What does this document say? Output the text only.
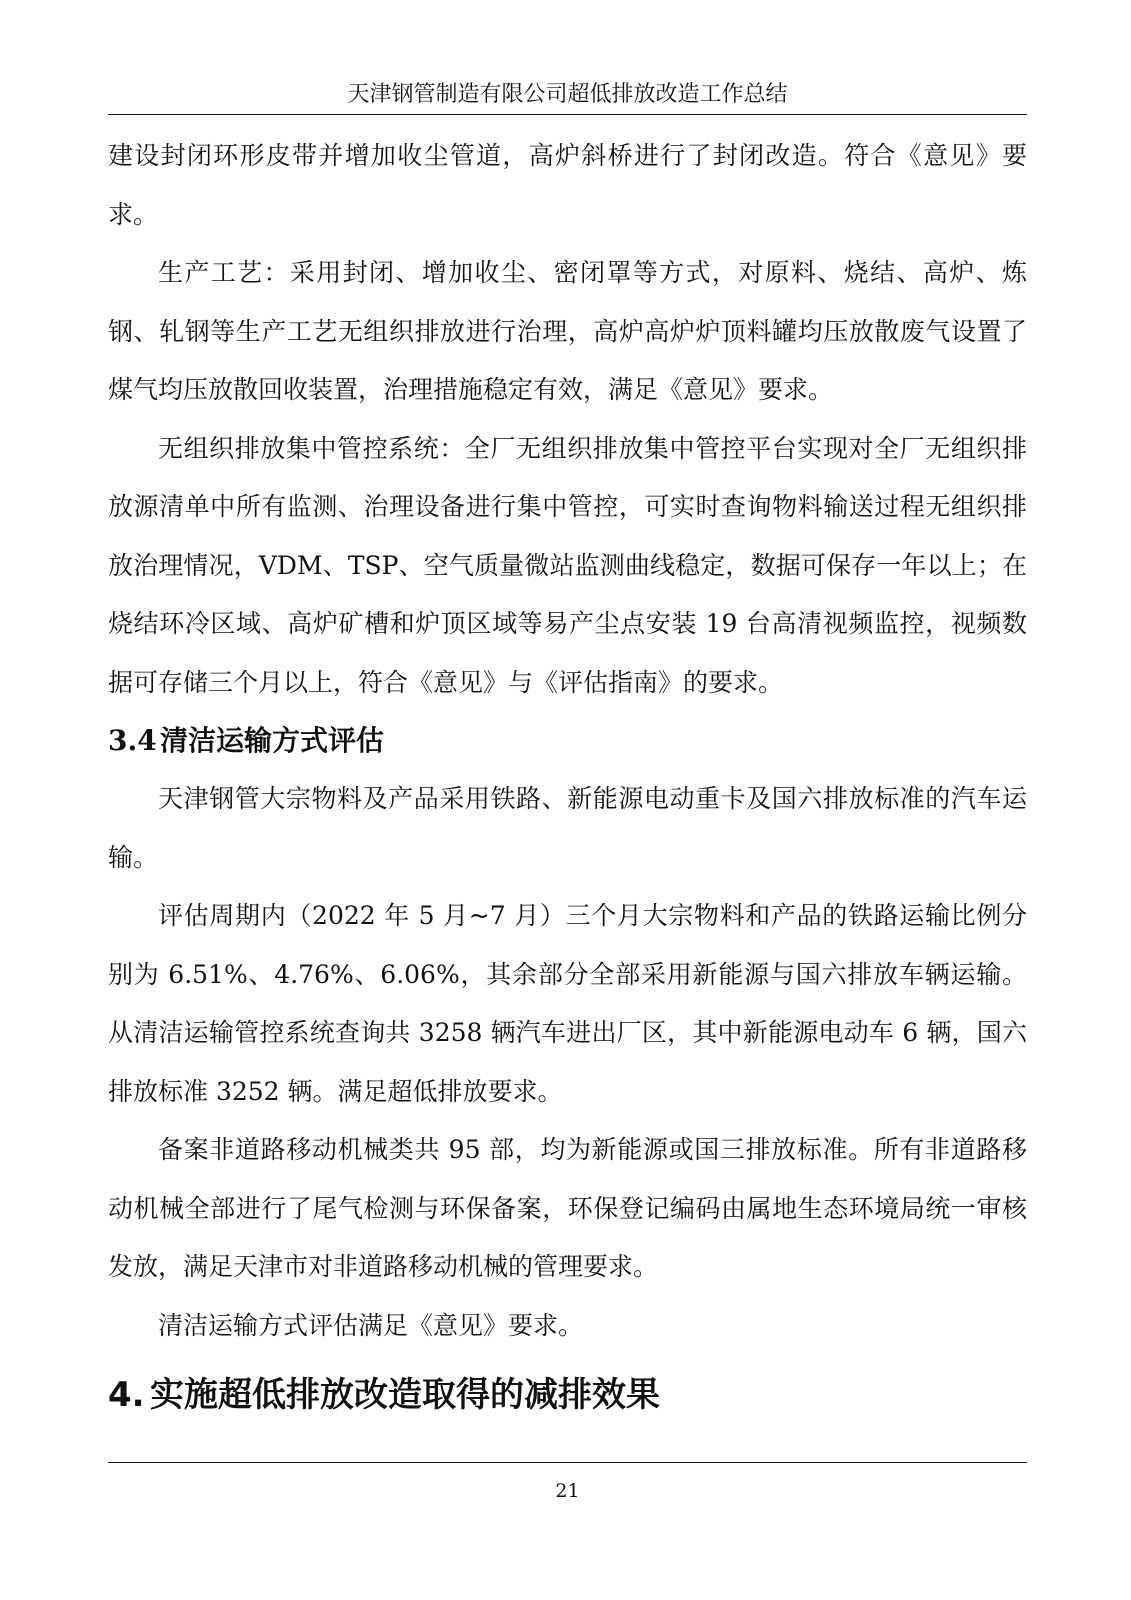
天津钢管制造有限公司超低排放改造工作总结

建设封闭环形皮带并增加收尘管道，高炉斜桥进行了封闭改造。符合《意见》要求。

生产工艺：采用封闭、增加收尘、密闭罩等方式，对原料、烧结、高炉、炼钢、轧钢等生产工艺无组织排放进行治理，高炉高炉炉顶料罐均压放散废气设置了煤气均压放散回收装置，治理措施稳定有效，满足《意见》要求。

无组织排放集中管控系统：全厂无组织排放集中管控平台实现对全厂无组织排放源清单中所有监测、治理设备进行集中管控，可实时查询物料输送过程无组织排放治理情况，VDM、TSP、空气质量微站监测曲线稳定，数据可保存一年以上；在烧结环冷区域、高炉矿槽和炉顶区域等易产尘点安装 19 台高清视频监控，视频数据可存储三个月以上，符合《意见》与《评估指南》的要求。

3.4 清洁运输方式评估

天津钢管大宗物料及产品采用铁路、新能源电动重卡及国六排放标准的汽车运输。

评估周期内（2022 年 5 月~7 月）三个月大宗物料和产品的铁路运输比例分别为 6.51%、4.76%、6.06%，其余部分全部采用新能源与国六排放车辆运输。从清洁运输管控系统查询共 3258 辆汽车进出厂区，其中新能源电动车 6 辆，国六排放标准 3252 辆。满足超低排放要求。

备案非道路移动机械类共 95 部，均为新能源或国三排放标准。所有非道路移动机械全部进行了尾气检测与环保备案，环保登记编码由属地生态环境局统一审核发放，满足天津市对非道路移动机械的管理要求。

清洁运输方式评估满足《意见》要求。

4. 实施超低排放改造取得的减排效果
21
